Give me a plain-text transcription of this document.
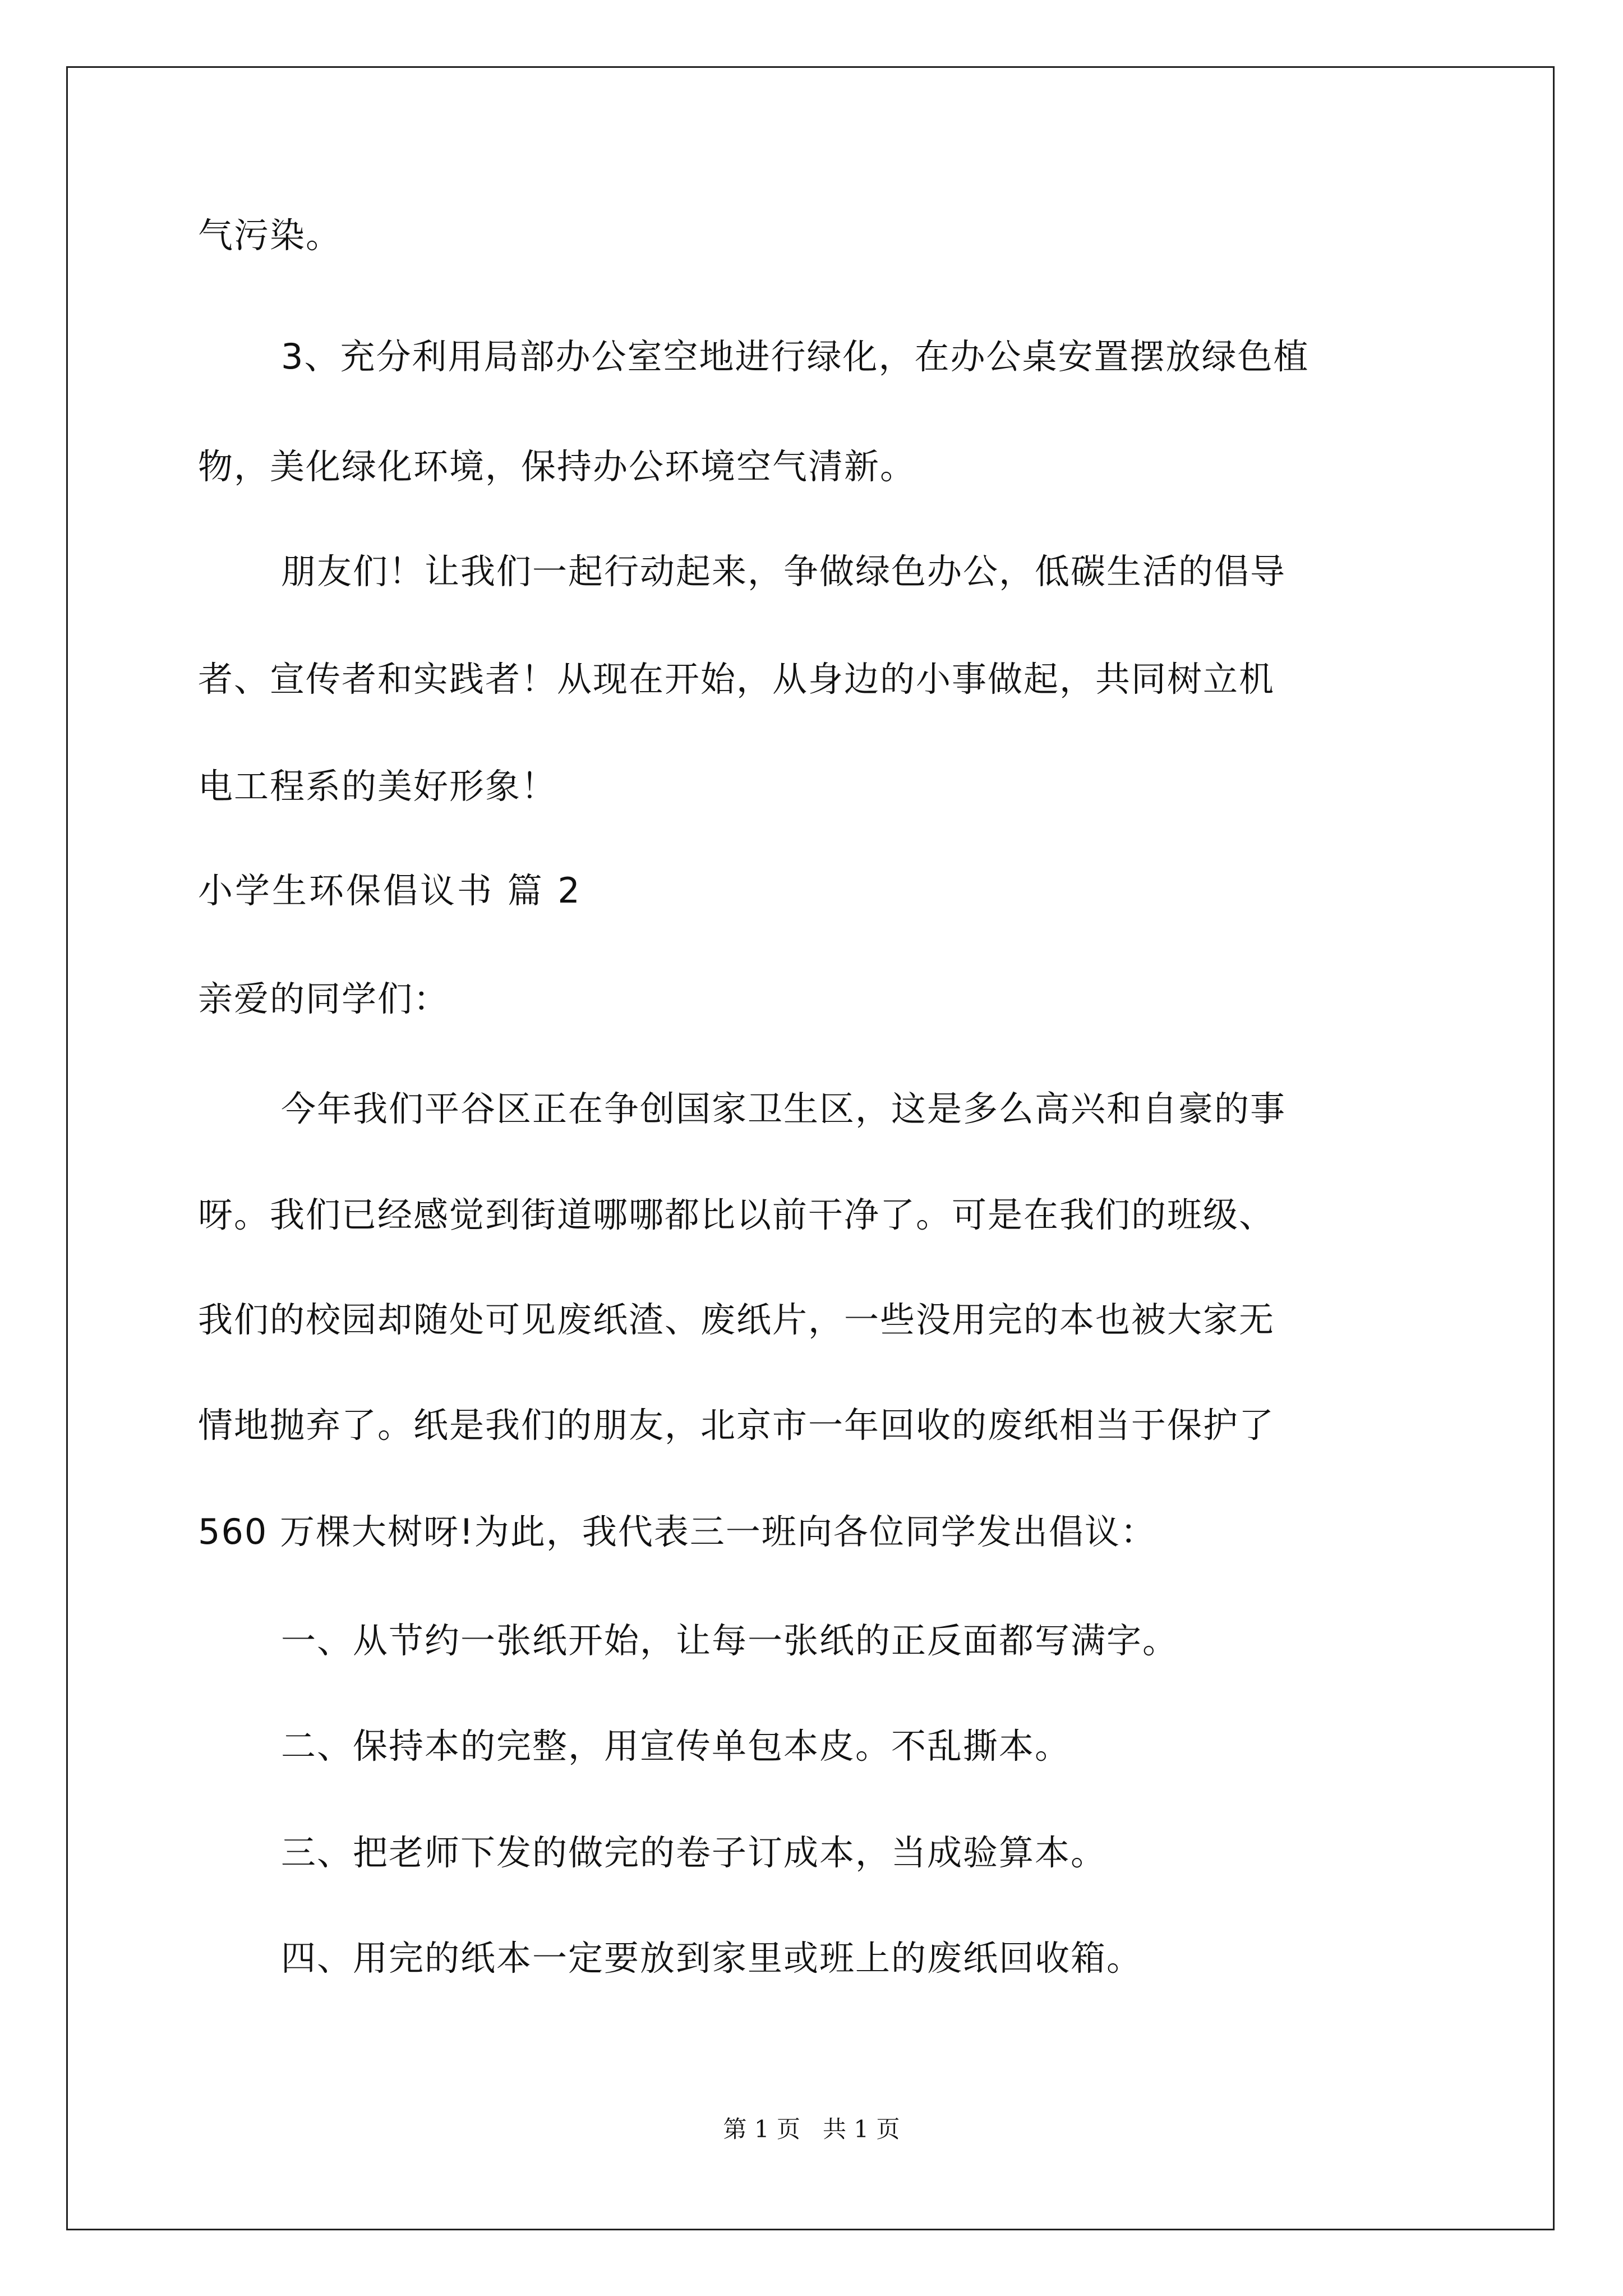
气污染。
3、充分利用局部办公室空地进行绿化，在办公桌安置摆放绿色植
物，美化绿化环境，保持办公环境空气清新。
朋友们！让我们一起行动起来，争做绿色办公，低碳生活的倡导
者、宣传者和实践者！从现在开始，从身边的小事做起，共同树立机
电工程系的美好形象！
小学生环保倡议书 篇 2
亲爱的同学们：
今年我们平谷区正在争创国家卫生区，这是多么高兴和自豪的事
呀。我们已经感觉到街道哪哪都比以前干净了。可是在我们的班级、
我们的校园却随处可见废纸渣、废纸片，一些没用完的本也被大家无
情地抛弃了。纸是我们的朋友，北京市一年回收的废纸相当于保护了
560 万棵大树呀!为此，我代表三一班向各位同学发出倡议：
一、从节约一张纸开始，让每一张纸的正反面都写满字。
二、保持本的完整，用宣传单包本皮。不乱撕本。
三、把老师下发的做完的卷子订成本，当成验算本。
四、用完的纸本一定要放到家里或班上的废纸回收箱。
第 1 页   共 1 页
